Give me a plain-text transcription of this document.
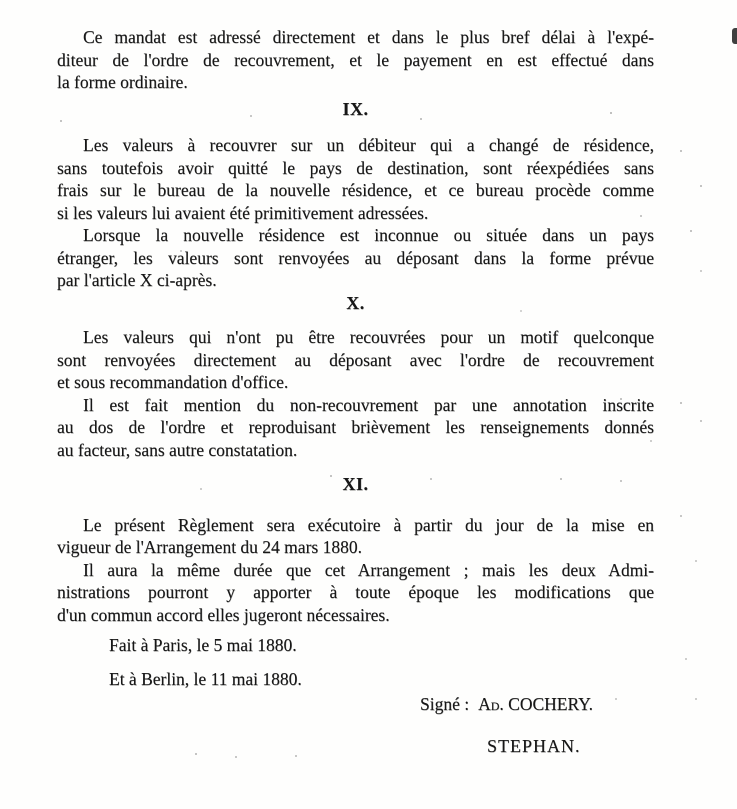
Ce mandat est adressé directement et dans le plus bref délai à l'expé-
diteur de l'ordre de recouvrement, et le payement en est effectué dans
la forme ordinaire.

IX.

Les valeurs à recouvrer sur un débiteur qui a changé de résidence,
sans toutefois avoir quitté le pays de destination, sont réexpédiées sans
frais sur le bureau de la nouvelle résidence, et ce bureau procède comme
si les valeurs lui avaient été primitivement adressées.

Lorsque la nouvelle résidence est inconnue ou située dans un pays
étranger, les valeurs sont renvoyées au déposant dans la forme prévue
par l'article X ci-après.

X.

Les valeurs qui n'ont pu être recouvrées pour un motif quelconque
sont renvoyées directement au déposant avec l'ordre de recouvrement
et sous recommandation d'office.

Il est fait mention du non-recouvrement par une annotation inscrite
au dos de l'ordre et reproduisant brièvement les renseignements donnés
au facteur, sans autre constatation.

XI.

Le présent Règlement sera exécutoire à partir du jour de la mise en
vigueur de l'Arrangement du 24 mars 1880.

Il aura la même durée que cet Arrangement ; mais les deux Admi-
nistrations pourront y apporter à toute époque les modifications que
d'un commun accord elles jugeront nécessaires.

Fait à Paris, le 5 mai 1880.

Et à Berlin, le 11 mai 1880.

Signé : Ad. COCHERY.

STEPHAN.
